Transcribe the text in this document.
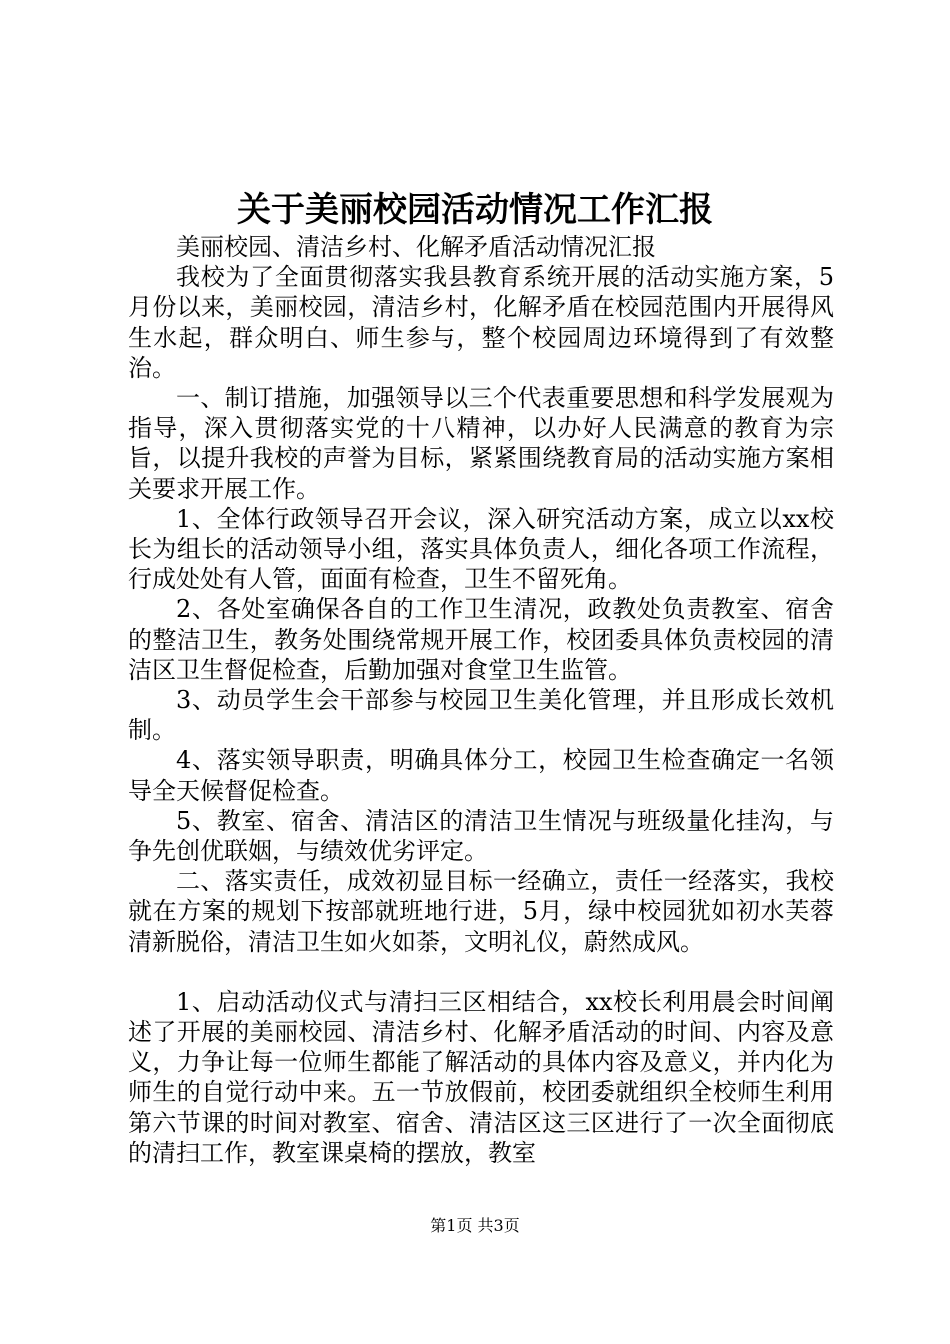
关于美丽校园活动情况工作汇报

美丽校园、清洁乡村、化解矛盾活动情况汇报

我校为了全面贯彻落实我县教育系统开展的活动实施方案，5月份以来，美丽校园，清洁乡村，化解矛盾在校园范围内开展得风生水起，群众明白、师生参与，整个校园周边环境得到了有效整治。

一、制订措施，加强领导以三个代表重要思想和科学发展观为指导，深入贯彻落实党的十八精神，以办好人民满意的教育为宗旨，以提升我校的声誉为目标，紧紧围绕教育局的活动实施方案相关要求开展工作。

1、全体行政领导召开会议，深入研究活动方案，成立以xx校长为组长的活动领导小组，落实具体负责人，细化各项工作流程，行成处处有人管，面面有检查，卫生不留死角。

2、各处室确保各自的工作卫生清况，政教处负责教室、宿舍的整洁卫生，教务处围绕常规开展工作，校团委具体负责校园的清洁区卫生督促检查，后勤加强对食堂卫生监管。

3、动员学生会干部参与校园卫生美化管理，并且形成长效机制。

4、落实领导职责，明确具体分工，校园卫生检查确定一名领导全天候督促检查。

5、教室、宿舍、清洁区的清洁卫生情况与班级量化挂沟，与争先创优联姻，与绩效优劣评定。

二、落实责任，成效初显目标一经确立，责任一经落实，我校就在方案的规划下按部就班地行进，5月，绿中校园犹如初水芙蓉清新脱俗，清洁卫生如火如荼，文明礼仪，蔚然成风。

1、启动活动仪式与清扫三区相结合，xx校长利用晨会时间阐述了开展的美丽校园、清洁乡村、化解矛盾活动的时间、内容及意义，力争让每一位师生都能了解活动的具体内容及意义，并内化为师生的自觉行动中来。五一节放假前，校团委就组织全校师生利用第六节课的时间对教室、宿舍、清洁区这三区进行了一次全面彻底的清扫工作，教室课桌椅的摆放，教室

第1页 共3页
